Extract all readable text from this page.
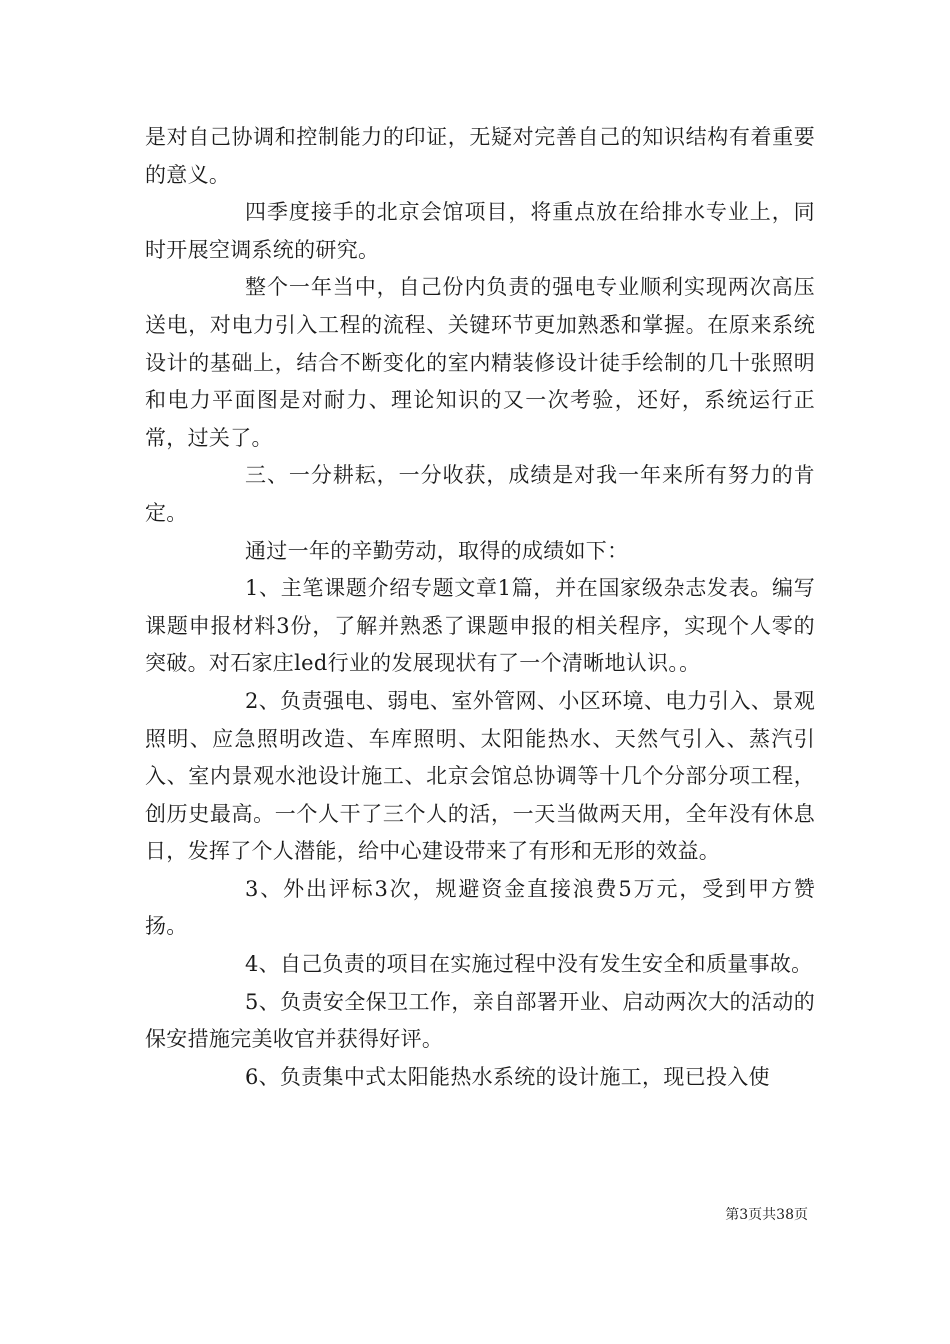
是对自己协调和控制能力的印证，无疑对完善自己的知识结构有着重要的意义。

四季度接手的北京会馆项目，将重点放在给排水专业上，同时开展空调系统的研究。

整个一年当中，自己份内负责的强电专业顺利实现两次高压送电，对电力引入工程的流程、关键环节更加熟悉和掌握。在原来系统设计的基础上，结合不断变化的室内精装修设计徒手绘制的几十张照明和电力平面图是对耐力、理论知识的又一次考验，还好，系统运行正常，过关了。

三、一分耕耘，一分收获，成绩是对我一年来所有努力的肯定。

通过一年的辛勤劳动，取得的成绩如下：

1、主笔课题介绍专题文章1篇，并在国家级杂志发表。编写课题申报材料3份，了解并熟悉了课题申报的相关程序，实现个人零的突破。对石家庄led行业的发展现状有了一个清晰地认识。。

2、负责强电、弱电、室外管网、小区环境、电力引入、景观照明、应急照明改造、车库照明、太阳能热水、天然气引入、蒸汽引入、室内景观水池设计施工、北京会馆总协调等十几个分部分项工程，创历史最高。一个人干了三个人的活，一天当做两天用，全年没有休息日，发挥了个人潜能，给中心建设带来了有形和无形的效益。

3、外出评标3次，规避资金直接浪费5万元，受到甲方赞扬。

4、自己负责的项目在实施过程中没有发生安全和质量事故。

5、负责安全保卫工作，亲自部署开业、启动两次大的活动的保安措施完美收官并获得好评。

6、负责集中式太阳能热水系统的设计施工，现已投入使

第3页共38页
